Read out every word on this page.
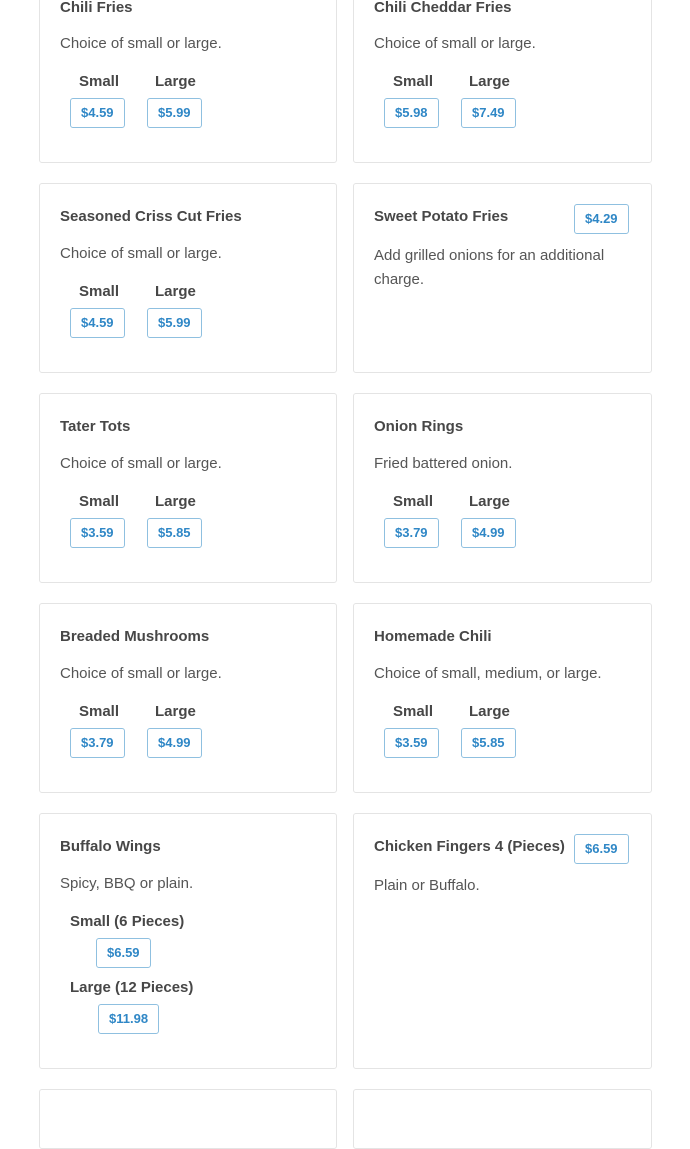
Chili Fries
Choice of small or large.
Small Large
$4.59	$5.99
Chili Cheddar Fries
Choice of small or large.
Small Large
$5.98	$7.49
Seasoned Criss Cut Fries
Choice of small or large.
Small Large
$4.59	$5.99
Sweet Potato Fries	$4.29
Add grilled onions for an additional charge.
Tater Tots
Choice of small or large.
Small Large
$3.59	$5.85
Onion Rings
Fried battered onion.
Small Large
$3.79	$4.99
Breaded Mushrooms
Choice of small or large.
Small Large
$3.79	$4.99
Homemade Chili
Choice of small, medium, or large.
Small Large
$3.59	$5.85
Buffalo Wings
Spicy, BBQ or plain.
Small (6 Pieces)
$6.59
Large (12 Pieces)
$11.98
Chicken Fingers 4 (Pieces)	$6.59
Plain or Buffalo.
